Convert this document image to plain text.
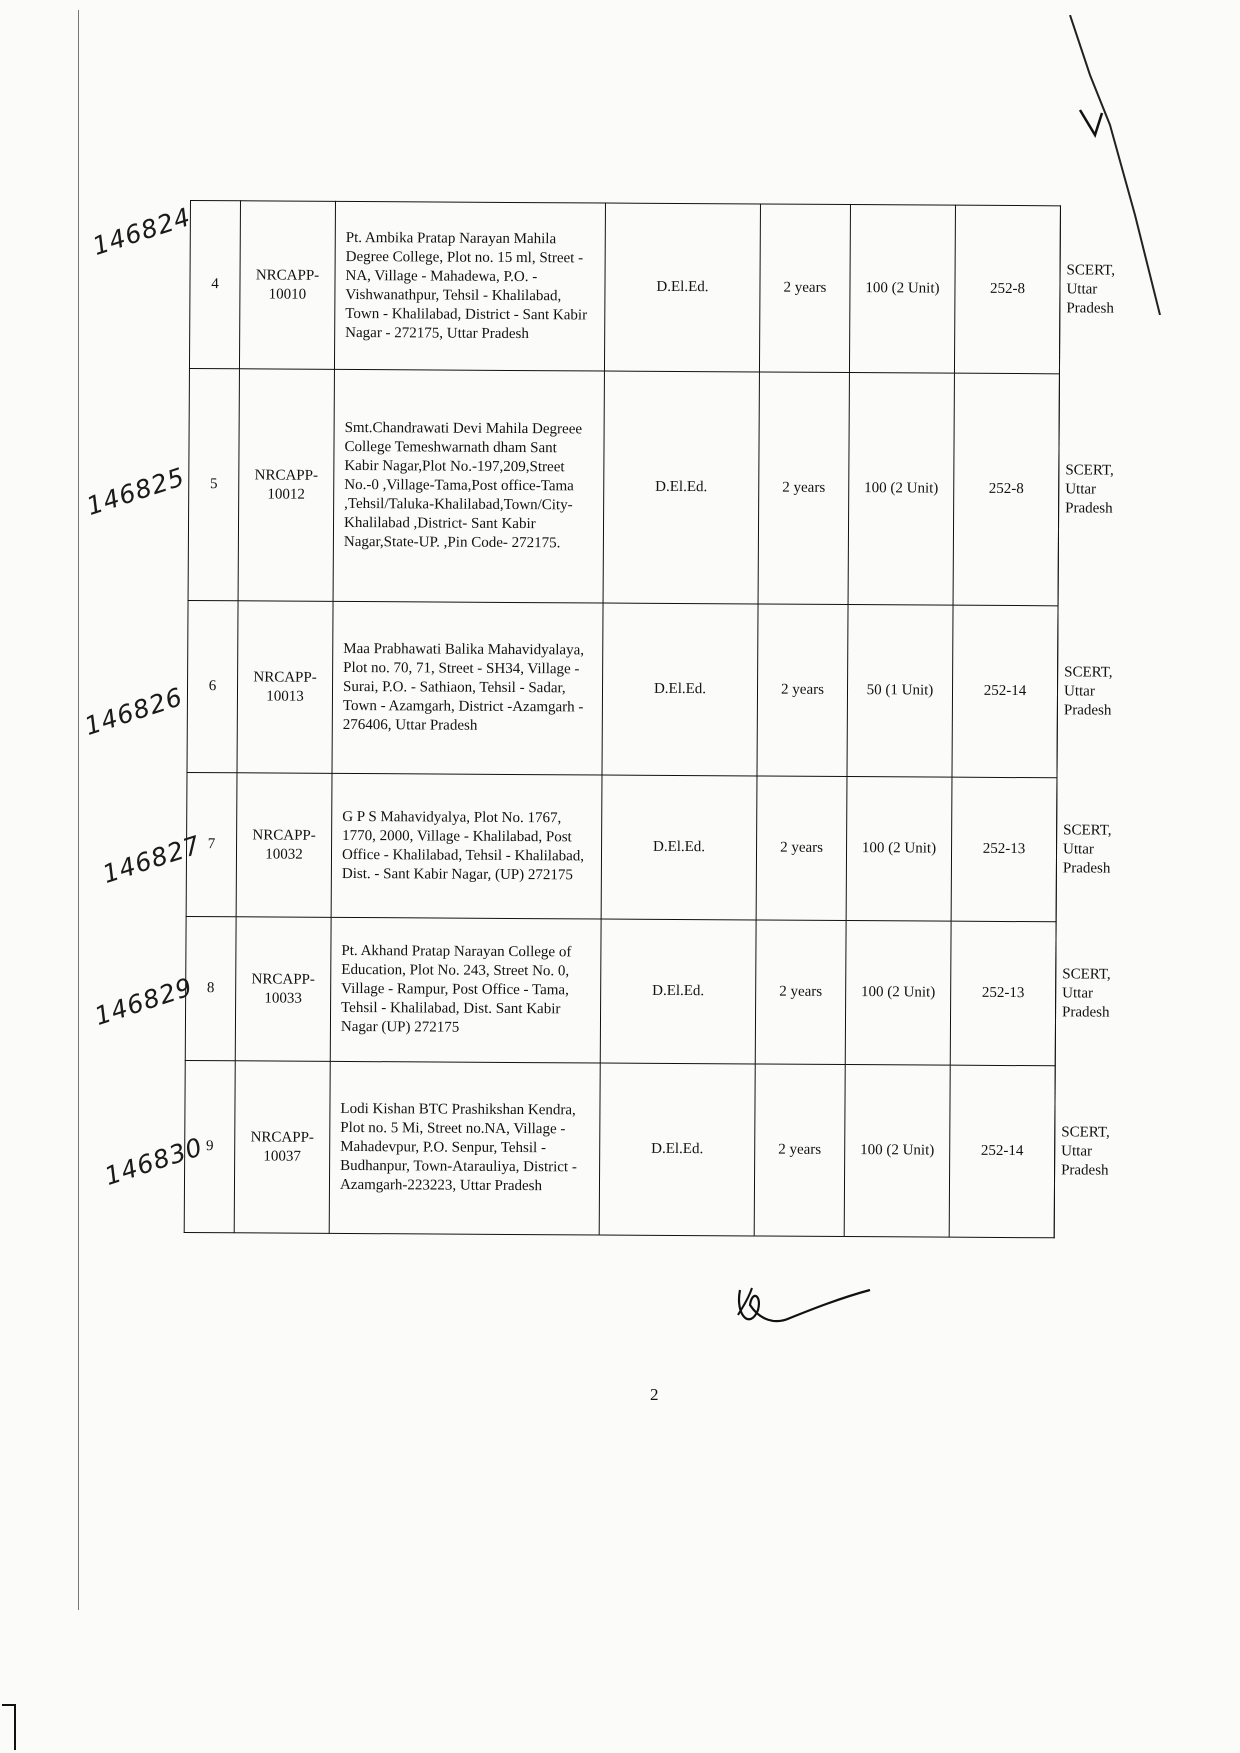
4	NRCAPP-10010	Pt. Ambika Pratap Narayan Mahila Degree College, Plot no. 15 ml, Street - NA, Village - Mahadewa, P.O. - Vishwanathpur, Tehsil - Khalilabad, Town - Khalilabad, District - Sant Kabir Nagar - 272175, Uttar Pradesh	D.El.Ed.	2 years	100 (2 Unit)	252-8	SCERT, Uttar Pradesh
5	NRCAPP-10012	Smt.Chandrawati Devi Mahila Degreee College Temeshwarnath dham Sant Kabir Nagar,Plot No.-197,209,Street No.-0 ,Village-Tama,Post office-Tama ,Tehsil/Taluka-Khalilabad,Town/City-Khalilabad ,District- Sant Kabir Nagar,State-UP. ,Pin Code- 272175.	D.El.Ed.	2 years	100 (2 Unit)	252-8	SCERT, Uttar Pradesh
6	NRCAPP-10013	Maa Prabhawati Balika Mahavidyalaya, Plot no. 70, 71, Street - SH34, Village - Surai, P.O. - Sathiaon, Tehsil - Sadar, Town - Azamgarh, District -Azamgarh - 276406, Uttar Pradesh	D.El.Ed.	2 years	50 (1 Unit)	252-14	SCERT, Uttar Pradesh
7	NRCAPP-10032	G P S Mahavidyalya, Plot No. 1767, 1770, 2000, Village - Khalilabad, Post Office - Khalilabad, Tehsil - Khalilabad, Dist. - Sant Kabir Nagar, (UP) 272175	D.El.Ed.	2 years	100 (2 Unit)	252-13	SCERT, Uttar Pradesh
8	NRCAPP-10033	Pt. Akhand Pratap Narayan College of Education, Plot No. 243, Street No. 0, Village - Rampur, Post Office - Tama, Tehsil - Khalilabad, Dist. Sant Kabir Nagar (UP) 272175	D.El.Ed.	2 years	100 (2 Unit)	252-13	SCERT, Uttar Pradesh
9	NRCAPP-10037	Lodi Kishan BTC Prashikshan Kendra, Plot no. 5 Mi, Street no.NA, Village -Mahadevpur, P.O. Senpur, Tehsil -Budhanpur, Town-Atarauliya, District -Azamgarh-223223, Uttar Pradesh	D.El.Ed.	2 years	100 (2 Unit)	252-14	SCERT, Uttar Pradesh
146824
146825
146826
146827
146829
146830
2
